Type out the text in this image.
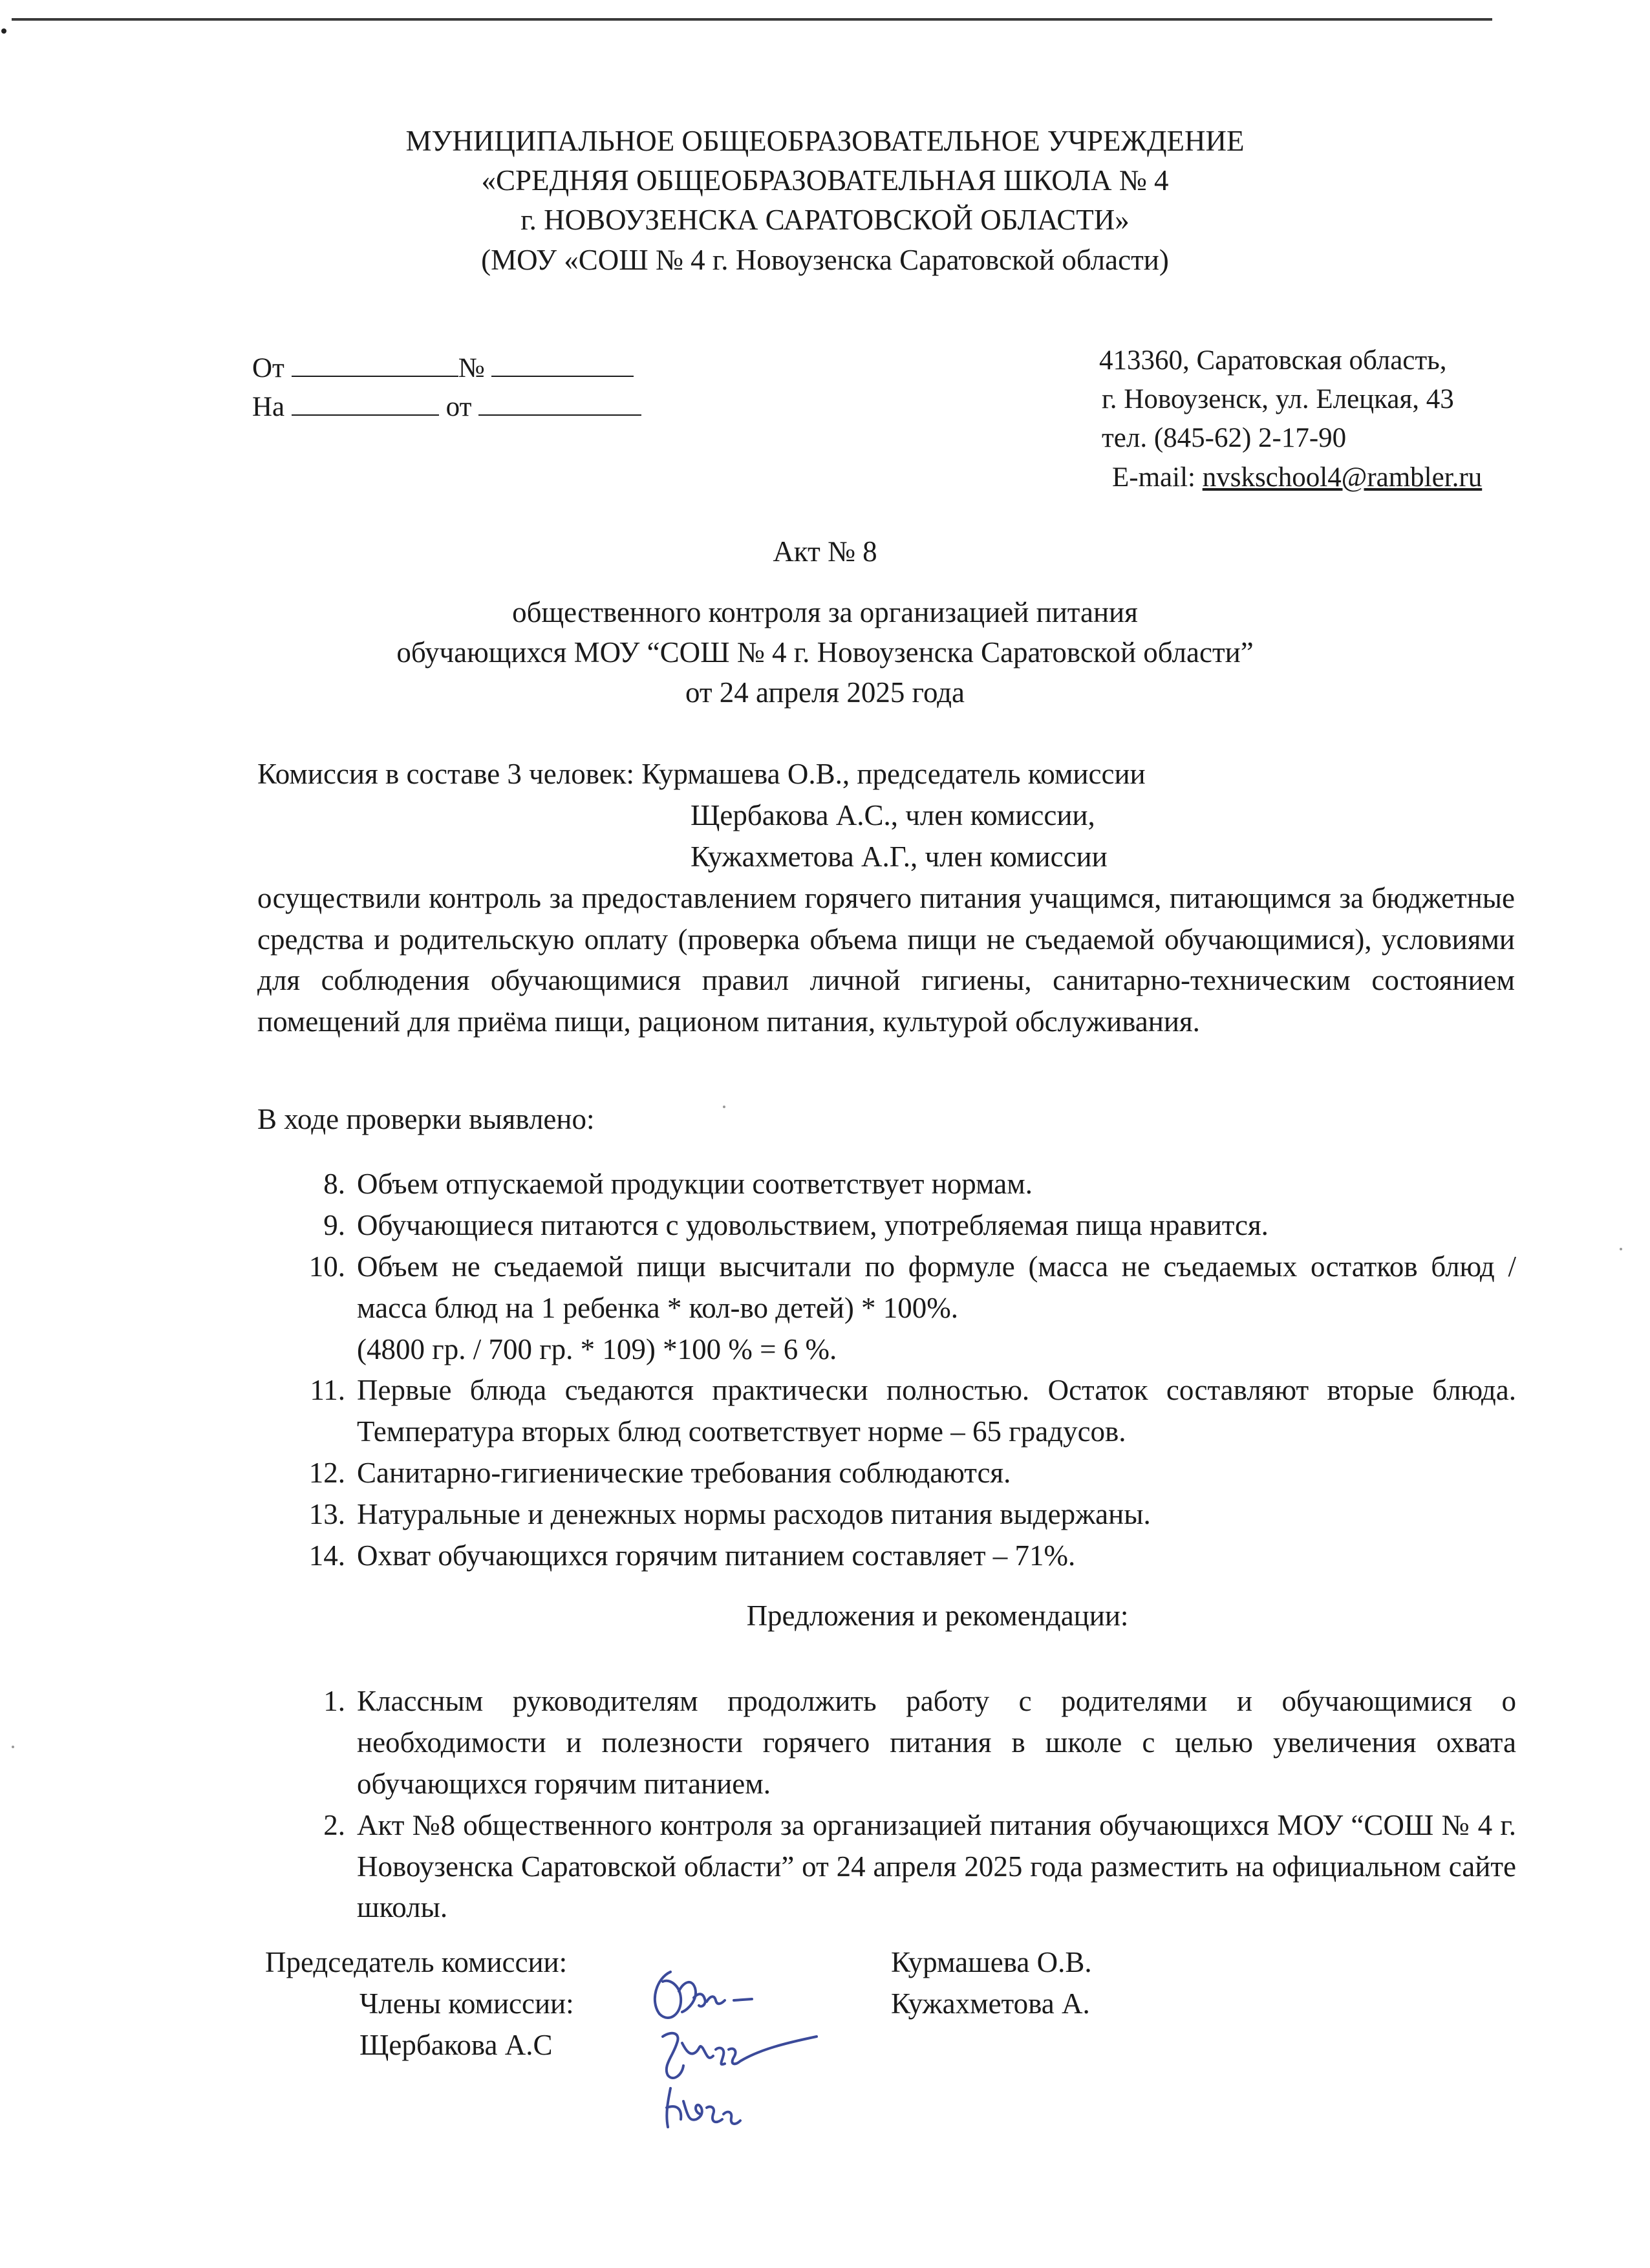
МУНИЦИПАЛЬНОЕ ОБЩЕОБРАЗОВАТЕЛЬНОЕ УЧРЕЖДЕНИЕ
«СРЕДНЯЯ ОБЩЕОБРАЗОВАТЕЛЬНАЯ ШКОЛА № 4
г. НОВОУЗЕНСКА САРАТОВСКОЙ ОБЛАСТИ»
(МОУ «СОШ № 4 г. Новоузенска Саратовской области)
От	№
На	от
413360, Саратовская область,
г. Новоузенск, ул. Елецкая, 43
тел. (845-62) 2-17-90
E-mail: nvskschool4@rambler.ru
Акт № 8
общественного контроля за организацией питания
обучающихся МОУ “СОШ № 4 г. Новоузенска Саратовской области”
от 24 апреля 2025 года
Комиссия в составе 3 человек: Курмашева О.В., председатель комиссии
Щербакова А.С., член комиссии,
Кужахметова А.Г., член комиссии
осуществили контроль за предоставлением горячего питания учащимся, питающимся за бюджетные средства и родительскую оплату (проверка объема пищи не съедаемой обучающимися), условиями для соблюдения обучающимися правил личной гигиены, санитарно-техническим состоянием помещений для приёма пищи, рационом питания, культурой обслуживания.
В ходе проверки выявлено:
8. Объем отпускаемой продукции соответствует нормам.
9. Обучающиеся питаются с удовольствием, употребляемая пища нравится.
10. Объем не съедаемой пищи высчитали по формуле (масса не съедаемых остатков блюд / масса блюд на 1 ребенка * кол-во детей) * 100%.
(4800 гр. / 700 гр. * 109) *100 % = 6 %.
11. Первые блюда съедаются практически полностью. Остаток составляют вторые блюда. Температура вторых блюд соответствует норме – 65 градусов.
12. Санитарно-гигиенические требования соблюдаются.
13. Натуральные и денежных нормы расходов питания выдержаны.
14. Охват обучающихся горячим питанием составляет – 71%.
Предложения и рекомендации:
1. Классным руководителям продолжить работу с родителями и обучающимися о необходимости и полезности горячего питания в школе с целью увеличения охвата обучающихся горячим питанием.
2. Акт №8 общественного контроля за организацией питания обучающихся МОУ “СОШ № 4 г. Новоузенска Саратовской области” от 24 апреля 2025 года разместить на официальном сайте школы.
Председатель комиссии:
Члены комиссии:
Щербакова А.С
Курмашева О.В.
Кужахметова А.
